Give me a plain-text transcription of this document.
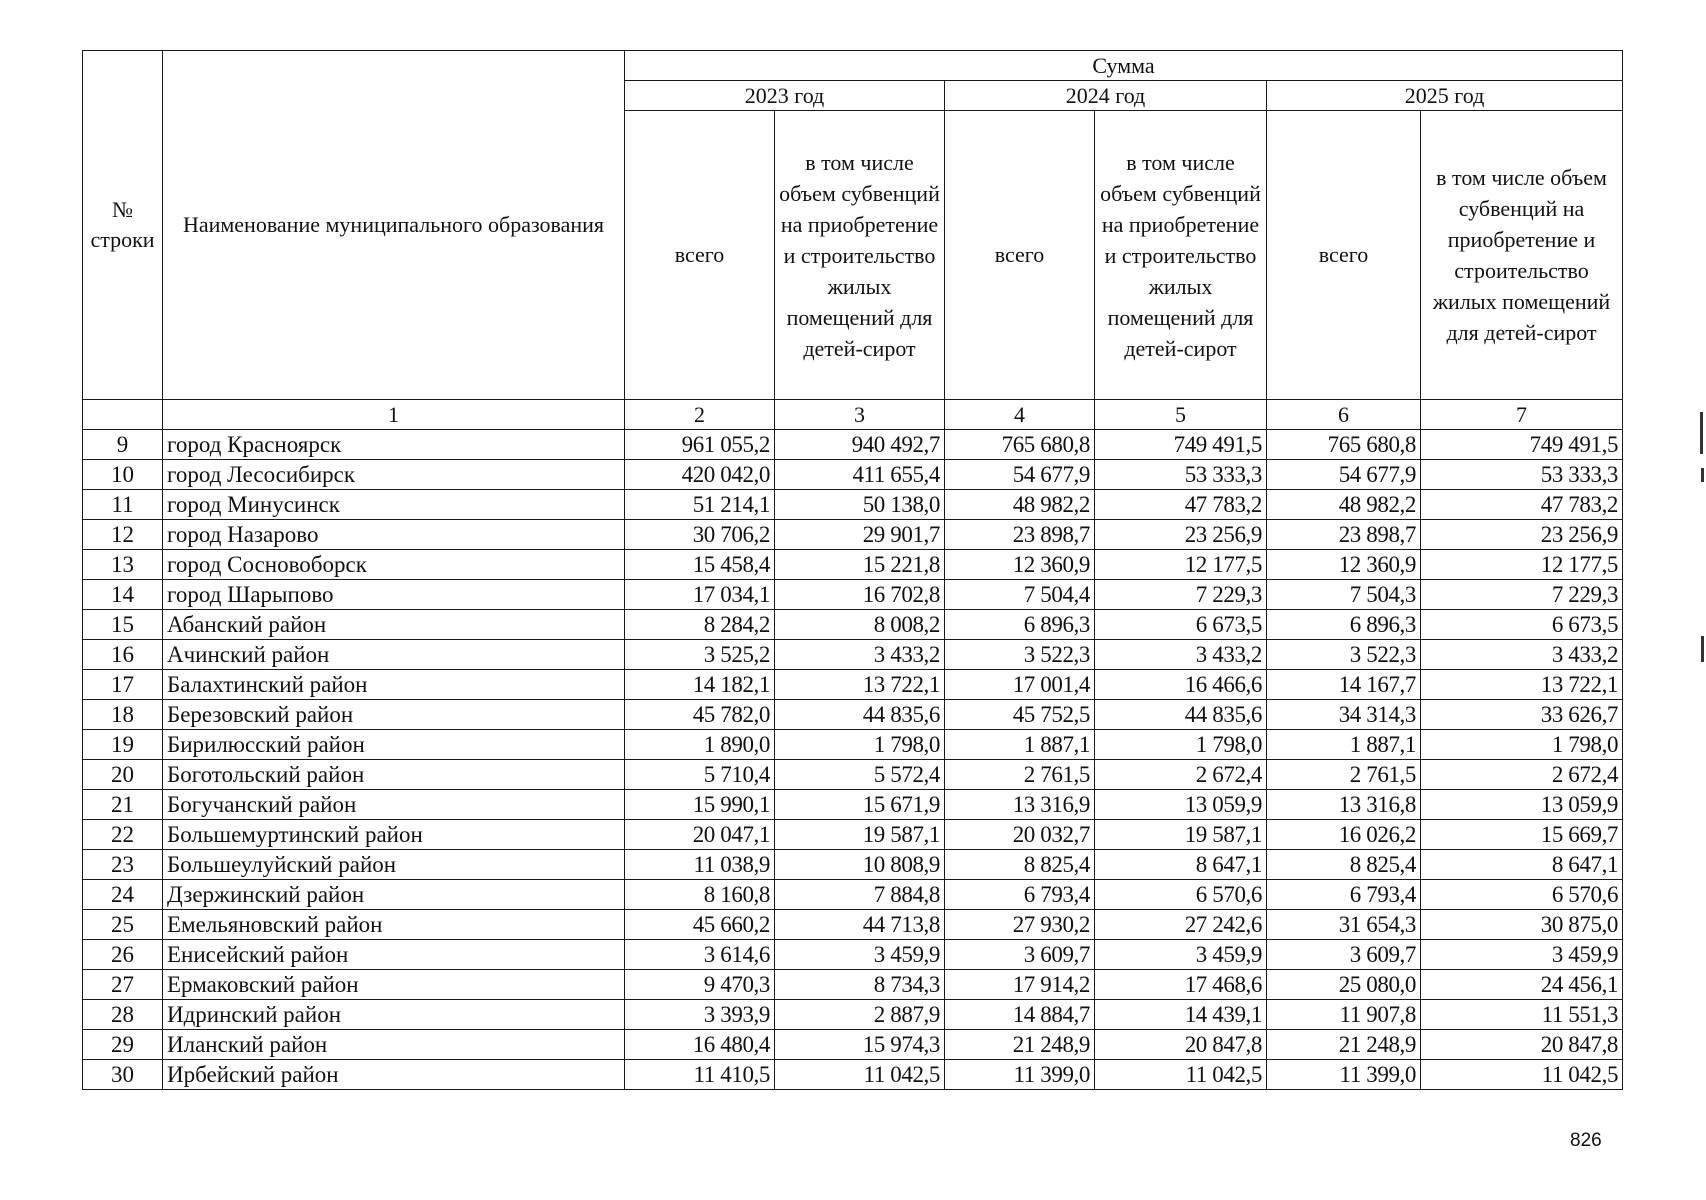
№ строки	Наименование муниципального образования	Сумма					
		2023 год		2024 год		2025 год	
		всего	в том числе объем субвенций на приобретение и строительство жилых помещений для детей-сирот	всего	в том числе объем субвенций на приобретение и строительство жилых помещений для детей-сирот	всего	в том числе объем субвенций на приобретение и строительство жилых помещений для детей-сирот
	1	2	3	4	5	6	7
9	город Красноярск	961 055,2	940 492,7	765 680,8	749 491,5	765 680,8	749 491,5
10	город Лесосибирск	420 042,0	411 655,4	54 677,9	53 333,3	54 677,9	53 333,3
11	город Минусинск	51 214,1	50 138,0	48 982,2	47 783,2	48 982,2	47 783,2
12	город Назарово	30 706,2	29 901,7	23 898,7	23 256,9	23 898,7	23 256,9
13	город Сосновоборск	15 458,4	15 221,8	12 360,9	12 177,5	12 360,9	12 177,5
14	город Шарыпово	17 034,1	16 702,8	7 504,4	7 229,3	7 504,3	7 229,3
15	Абанский район	8 284,2	8 008,2	6 896,3	6 673,5	6 896,3	6 673,5
16	Ачинский район	3 525,2	3 433,2	3 522,3	3 433,2	3 522,3	3 433,2
17	Балахтинский район	14 182,1	13 722,1	17 001,4	16 466,6	14 167,7	13 722,1
18	Березовский район	45 782,0	44 835,6	45 752,5	44 835,6	34 314,3	33 626,7
19	Бирилюсский район	1 890,0	1 798,0	1 887,1	1 798,0	1 887,1	1 798,0
20	Боготольский район	5 710,4	5 572,4	2 761,5	2 672,4	2 761,5	2 672,4
21	Богучанский район	15 990,1	15 671,9	13 316,9	13 059,9	13 316,8	13 059,9
22	Большемуртинский район	20 047,1	19 587,1	20 032,7	19 587,1	16 026,2	15 669,7
23	Большеулуйский район	11 038,9	10 808,9	8 825,4	8 647,1	8 825,4	8 647,1
24	Дзержинский район	8 160,8	7 884,8	6 793,4	6 570,6	6 793,4	6 570,6
25	Емельяновский район	45 660,2	44 713,8	27 930,2	27 242,6	31 654,3	30 875,0
26	Енисейский район	3 614,6	3 459,9	3 609,7	3 459,9	3 609,7	3 459,9
27	Ермаковский район	9 470,3	8 734,3	17 914,2	17 468,6	25 080,0	24 456,1
28	Идринский район	3 393,9	2 887,9	14 884,7	14 439,1	11 907,8	11 551,3
29	Иланский район	16 480,4	15 974,3	21 248,9	20 847,8	21 248,9	20 847,8
30	Ирбейский район	11 410,5	11 042,5	11 399,0	11 042,5	11 399,0	11 042,5
826
